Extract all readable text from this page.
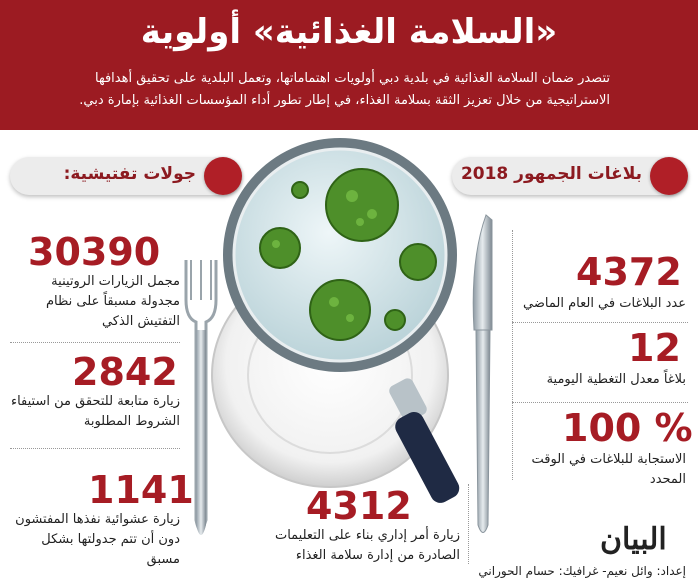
«السلامة الغذائية» أولوية
تتصدر ضمان السلامة الغذائية في بلدية دبي أولويات اهتماماتها، وتعمل البلدية على تحقيق أهدافها الاستراتيجية من خلال تعزيز الثقة بسلامة الغذاء، في إطار تطور أداء المؤسسات الغذائية بإمارة دبي.
جولات تفتيشية:	بلاغات الجمهور 2018
30390
مجمل الزيارات الروتينية مجدولة مسبقاً على نظام التفتيش الذكي
2842
زيارة متابعة للتحقق من استيفاء الشروط المطلوبة
1141
زيارة عشوائية نفذها المفتشون دون أن تتم جدولتها بشكل مسبق
4372
عدد البلاغات في العام الماضي
12
بلاغاً معدل التغطية اليومية
100 %
الاستجابة للبلاغات في الوقت المحدد
4312
زيارة أمر إداري بناء على التعليمات الصادرة من إدارة سلامة الغذاء	البيان
إعداد: وائل نعيم- غرافيك: حسام الحوراني
